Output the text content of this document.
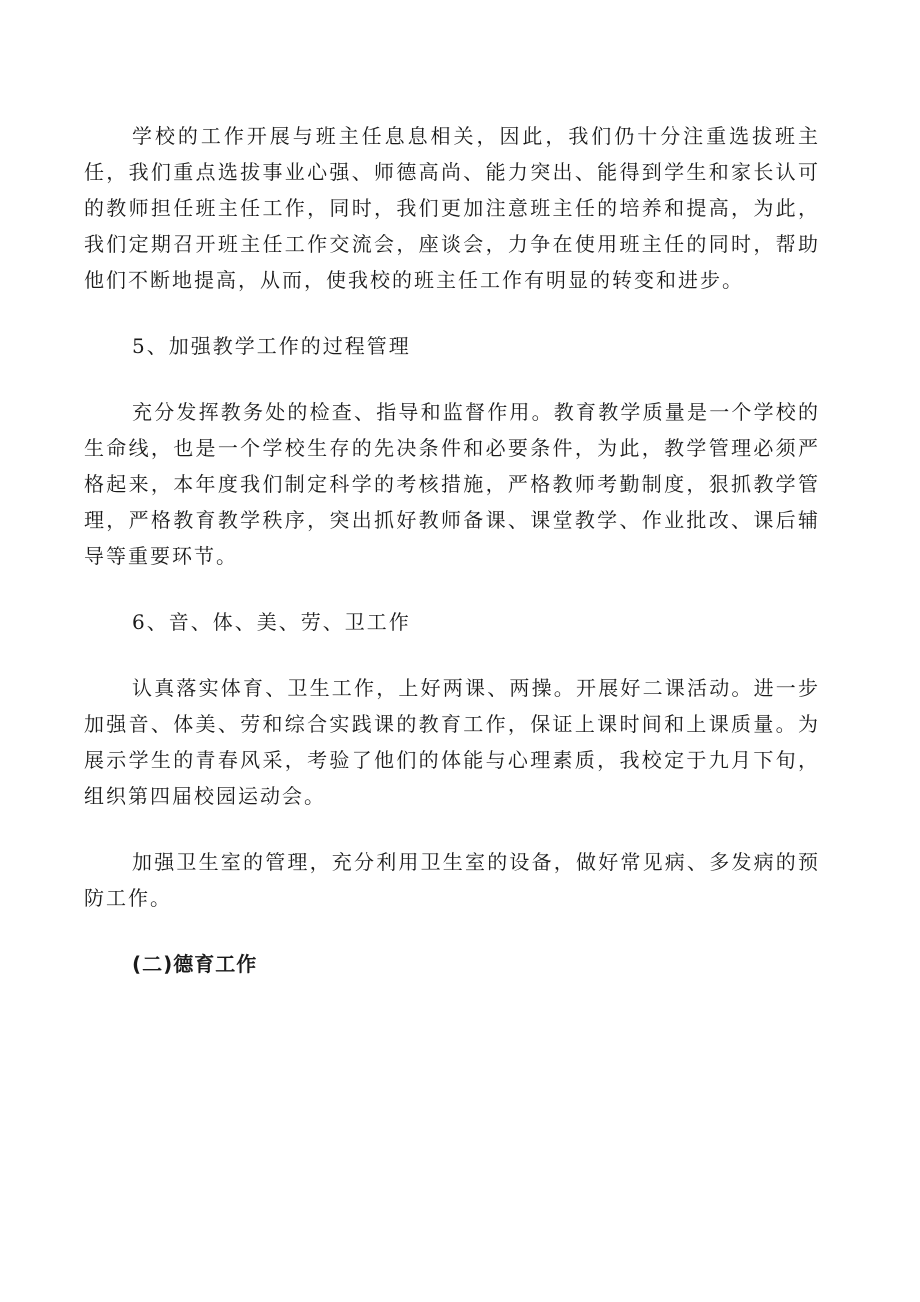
学校的工作开展与班主任息息相关，因此，我们仍十分注重选拔班主任，我们重点选拔事业心强、师德高尚、能力突出、能得到学生和家长认可的教师担任班主任工作，同时，我们更加注意班主任的培养和提高，为此，我们定期召开班主任工作交流会，座谈会，力争在使用班主任的同时，帮助他们不断地提高，从而，使我校的班主任工作有明显的转变和进步。

5、加强教学工作的过程管理

充分发挥教务处的检查、指导和监督作用。教育教学质量是一个学校的生命线，也是一个学校生存的先决条件和必要条件，为此，教学管理必须严格起来，本年度我们制定科学的考核措施，严格教师考勤制度，狠抓教学管理，严格教育教学秩序，突出抓好教师备课、课堂教学、作业批改、课后辅导等重要环节。

6、音、体、美、劳、卫工作

认真落实体育、卫生工作，上好两课、两操。开展好二课活动。进一步加强音、体美、劳和综合实践课的教育工作，保证上课时间和上课质量。为展示学生的青春风采，考验了他们的体能与心理素质，我校定于九月下旬，组织第四届校园运动会。

加强卫生室的管理，充分利用卫生室的设备，做好常见病、多发病的预防工作。

(二)德育工作
